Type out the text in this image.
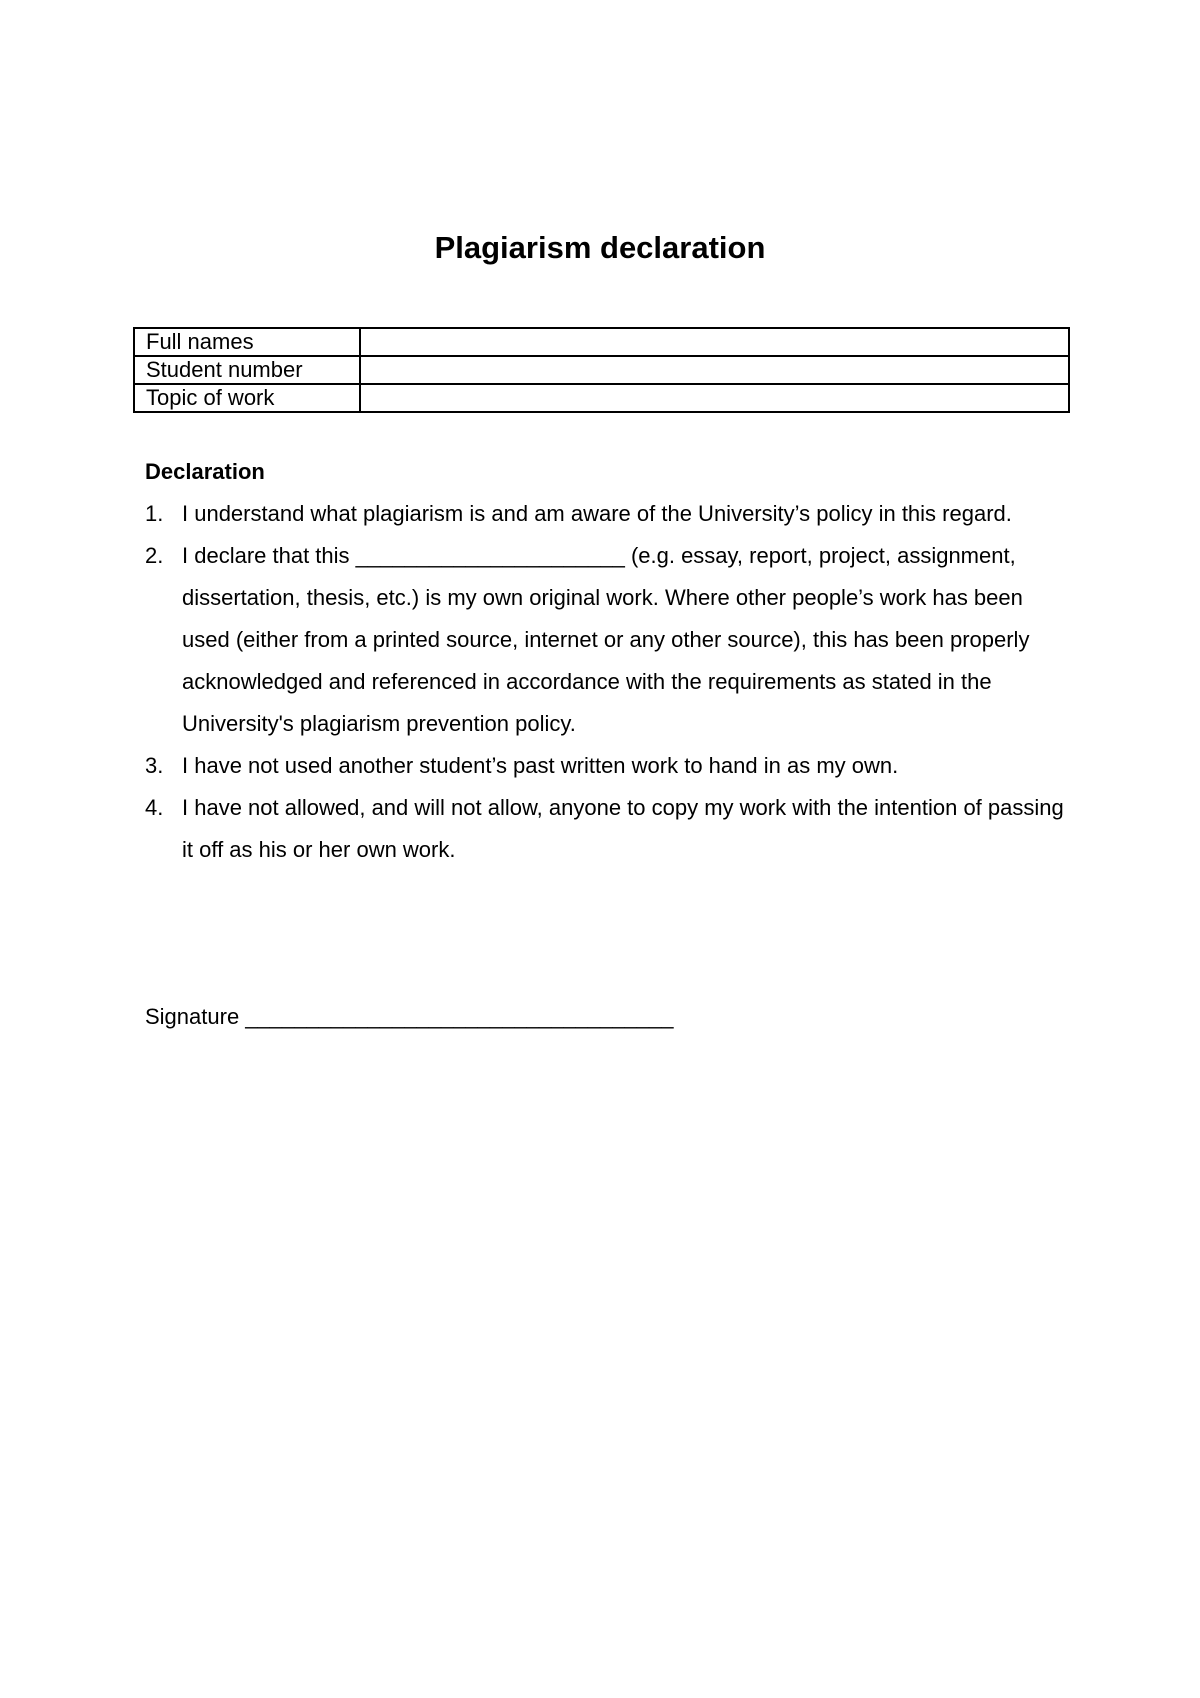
Plagiarism declaration
Full names	
Student number	
Topic of work	
Declaration
1. I understand what plagiarism is and am aware of the University’s policy in this regard.
2. I declare that this ______________________ (e.g. essay, report, project, assignment, dissertation, thesis, etc.) is my own original work. Where other people’s work has been used (either from a printed source, internet or any other source), this has been properly acknowledged and referenced in accordance with the requirements as stated in the University's plagiarism prevention policy.
3. I have not used another student’s past written work to hand in as my own.
4. I have not allowed, and will not allow, anyone to copy my work with the intention of passing it off as his or her own work.

Signature ___________________________________
